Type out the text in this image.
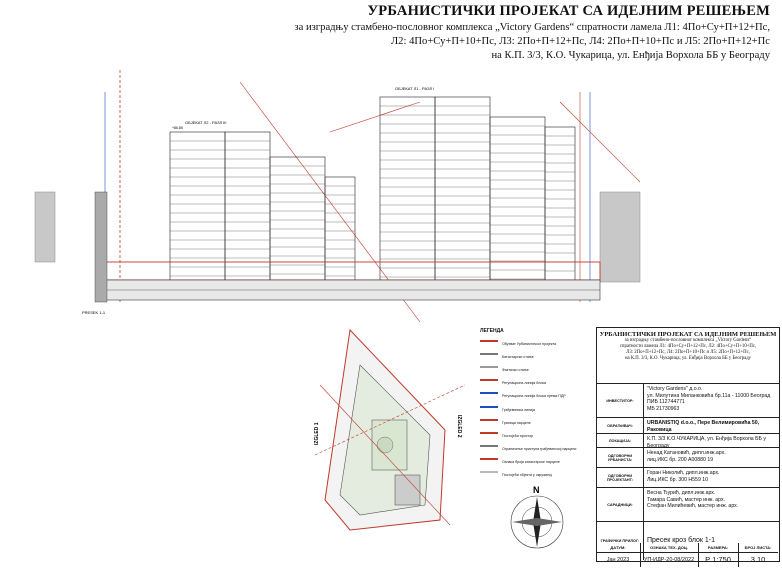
УРБАНИСТИЧКИ ПРОЈЕКАТ СА ИДЕЈНИМ РЕШЕЊЕМ
за изградњу стамбено-пословног комплекса „Victory Gardens“ спратности ламела Л1: 4По+Су+П+12+Пс,
Л2: 4По+Су+П+10+Пс, Л3: 2По+П+12+Пс, Л4: 2По+П+10+Пс и Л5: 2По+П+12+Пс
на К.П. 3/3, К.О. Чукарица, ул. Енђија Ворхола ББ у Београду
ОБЈЕКАТ Л2 - РАЗЛ III
ОБЈЕКАТ Л1 - РАЗЛ I
PRESEK 1-1
+86.85
IZGLED 1	IZGLED 2
N
ЛЕГЕНДА
Обухват Урбанистичког пројекта
Катастарско стање
Фактичко стање
Регулациона линија блока
Регулациона линија блока према ПДР
Грађевинска линија
Граница парцеле
Постојећи простор
Ограничење приступа грађевинској парцели
Ознака броја катастарске парцеле
Постојећи објекти у окружењу
УРБАНИСТИЧКИ ПРОЈЕКАТ СА ИДЕЈНИМ РЕШЕЊЕМ
за изградњу стамбено-пословног комплекса „Victory Gardens“
спратности ламела Л1: 4По+Су+П+12+Пс, Л2: 4По+Су+П+10+Пс,
Л3: 2По+П+12+Пс, Л4: 2По+П+10+Пс и Л5: 2По+П+12+Пс,
на К.П. 3/3, К.О. Чукарица, ул. Енђија Ворхола ББ у Београду
ИНВЕСТИТОР:
"Victory Gardens" д.о.о.
ул. Милутина Миланковића бр.11а - 11000 Београд
ПИБ 112744771
МБ 21730963
ОБРАЂИВАЧ:	URBANISTIQ d.o.o., Пере Велимировића 50, Раковица
ЛОКАЦИЈА:	К.П. 3/3 К.О.ЧУКАРИЦА, ул. Енђија Ворхола ББ у Београду
ОДГОВОРНИ УРБАНИСТА:
Ненад Катановић, дипл.инж.арх.
лиц.ИКС бр. 200 А00880 19
ОДГОВОРНИ ПРОЈЕКТАНТ:
Горан Николић, дипл.инж.арх.
Лиц.ИКС бр. 300 Н559 10
САРАДНИЦИ:
Весна Ђурић, дипл.инж.арх.
Тамара Савић, мастер инж. арх.
Стефан Милићевић, мастер инж. арх.
ГРАФИЧКИ ПРИЛОГ:	Пресек кроз блок 1-1
ДАТУМ:
Јан 2023
ОЗНАКА ТЕХ. ДОЦ.
УП-ИДР-20-08/2022
РАЗМЕРА:
Р 1:750
БРОЈ ЛИСТА:
3.10
